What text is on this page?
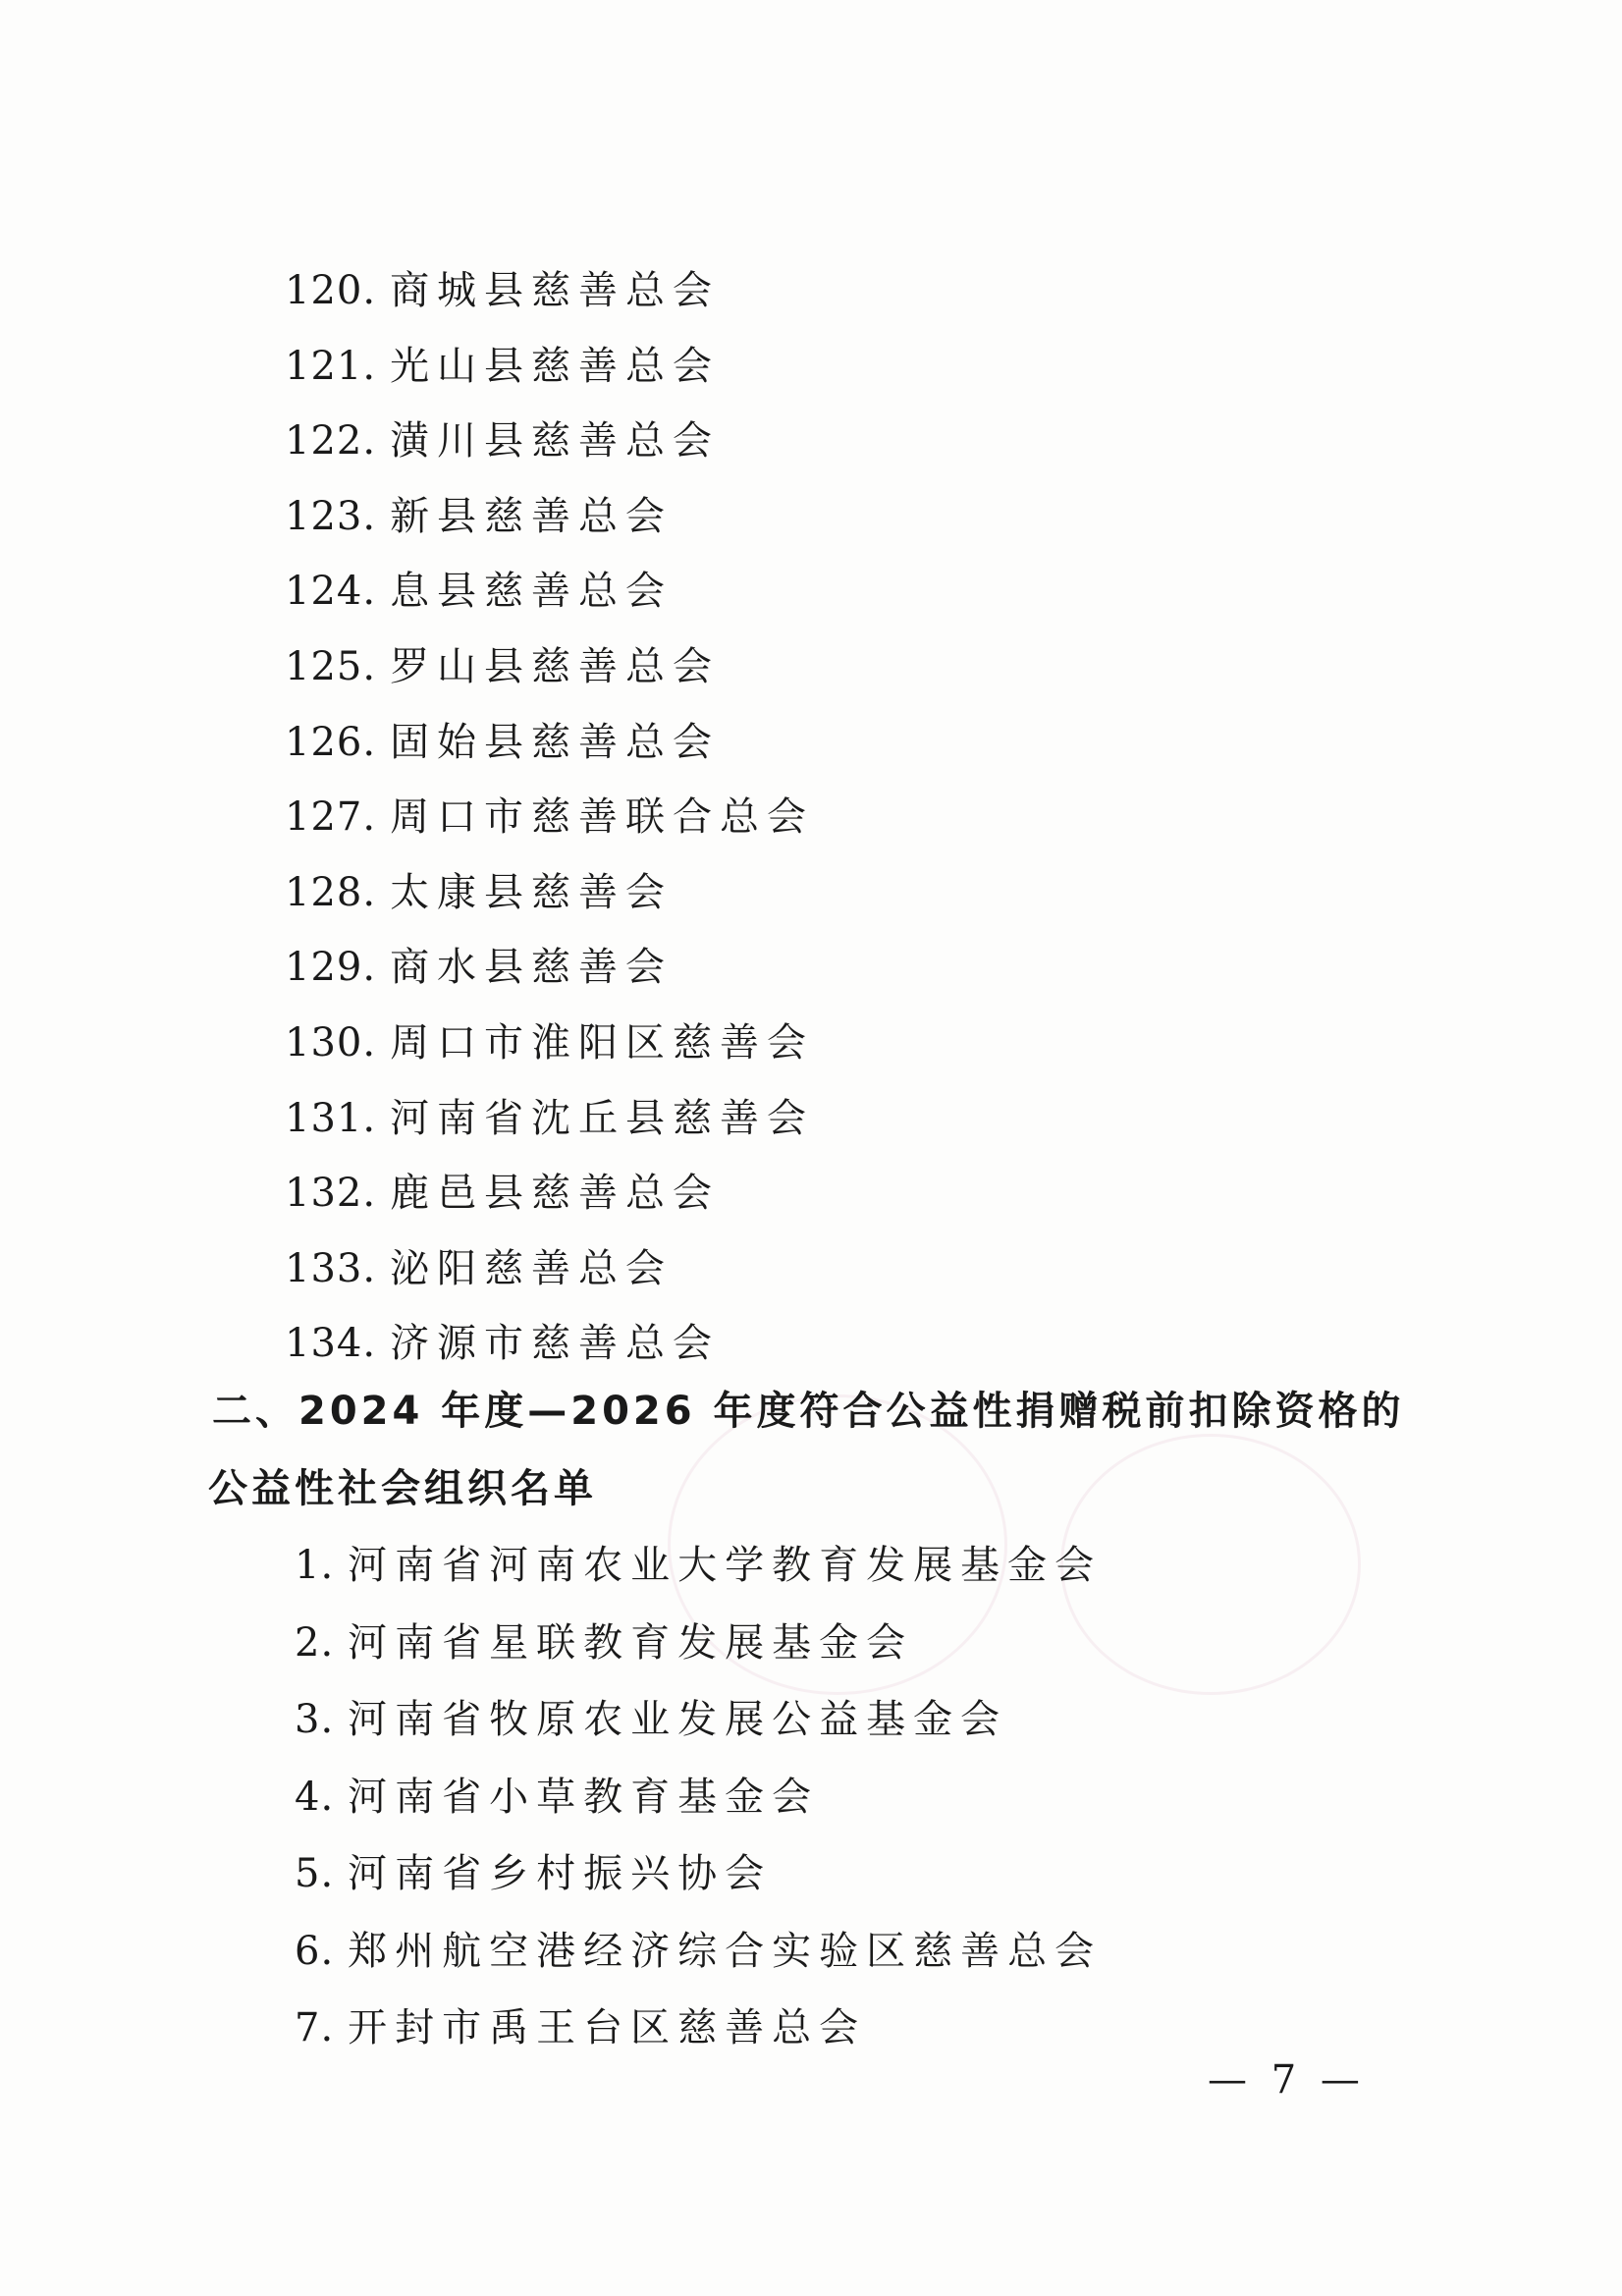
120. 商城县慈善总会
121. 光山县慈善总会
122. 潢川县慈善总会
123. 新县慈善总会
124. 息县慈善总会
125. 罗山县慈善总会
126. 固始县慈善总会
127. 周口市慈善联合总会
128. 太康县慈善会
129. 商水县慈善会
130. 周口市淮阳区慈善会
131. 河南省沈丘县慈善会
132. 鹿邑县慈善总会
133. 泌阳慈善总会
134. 济源市慈善总会
二、2024 年度—2026 年度符合公益性捐赠税前扣除资格的
公益性社会组织名单
1. 河南省河南农业大学教育发展基金会
2. 河南省星联教育发展基金会
3. 河南省牧原农业发展公益基金会
4. 河南省小草教育基金会
5. 河南省乡村振兴协会
6. 郑州航空港经济综合实验区慈善总会
7. 开封市禹王台区慈善总会
— 7 —
